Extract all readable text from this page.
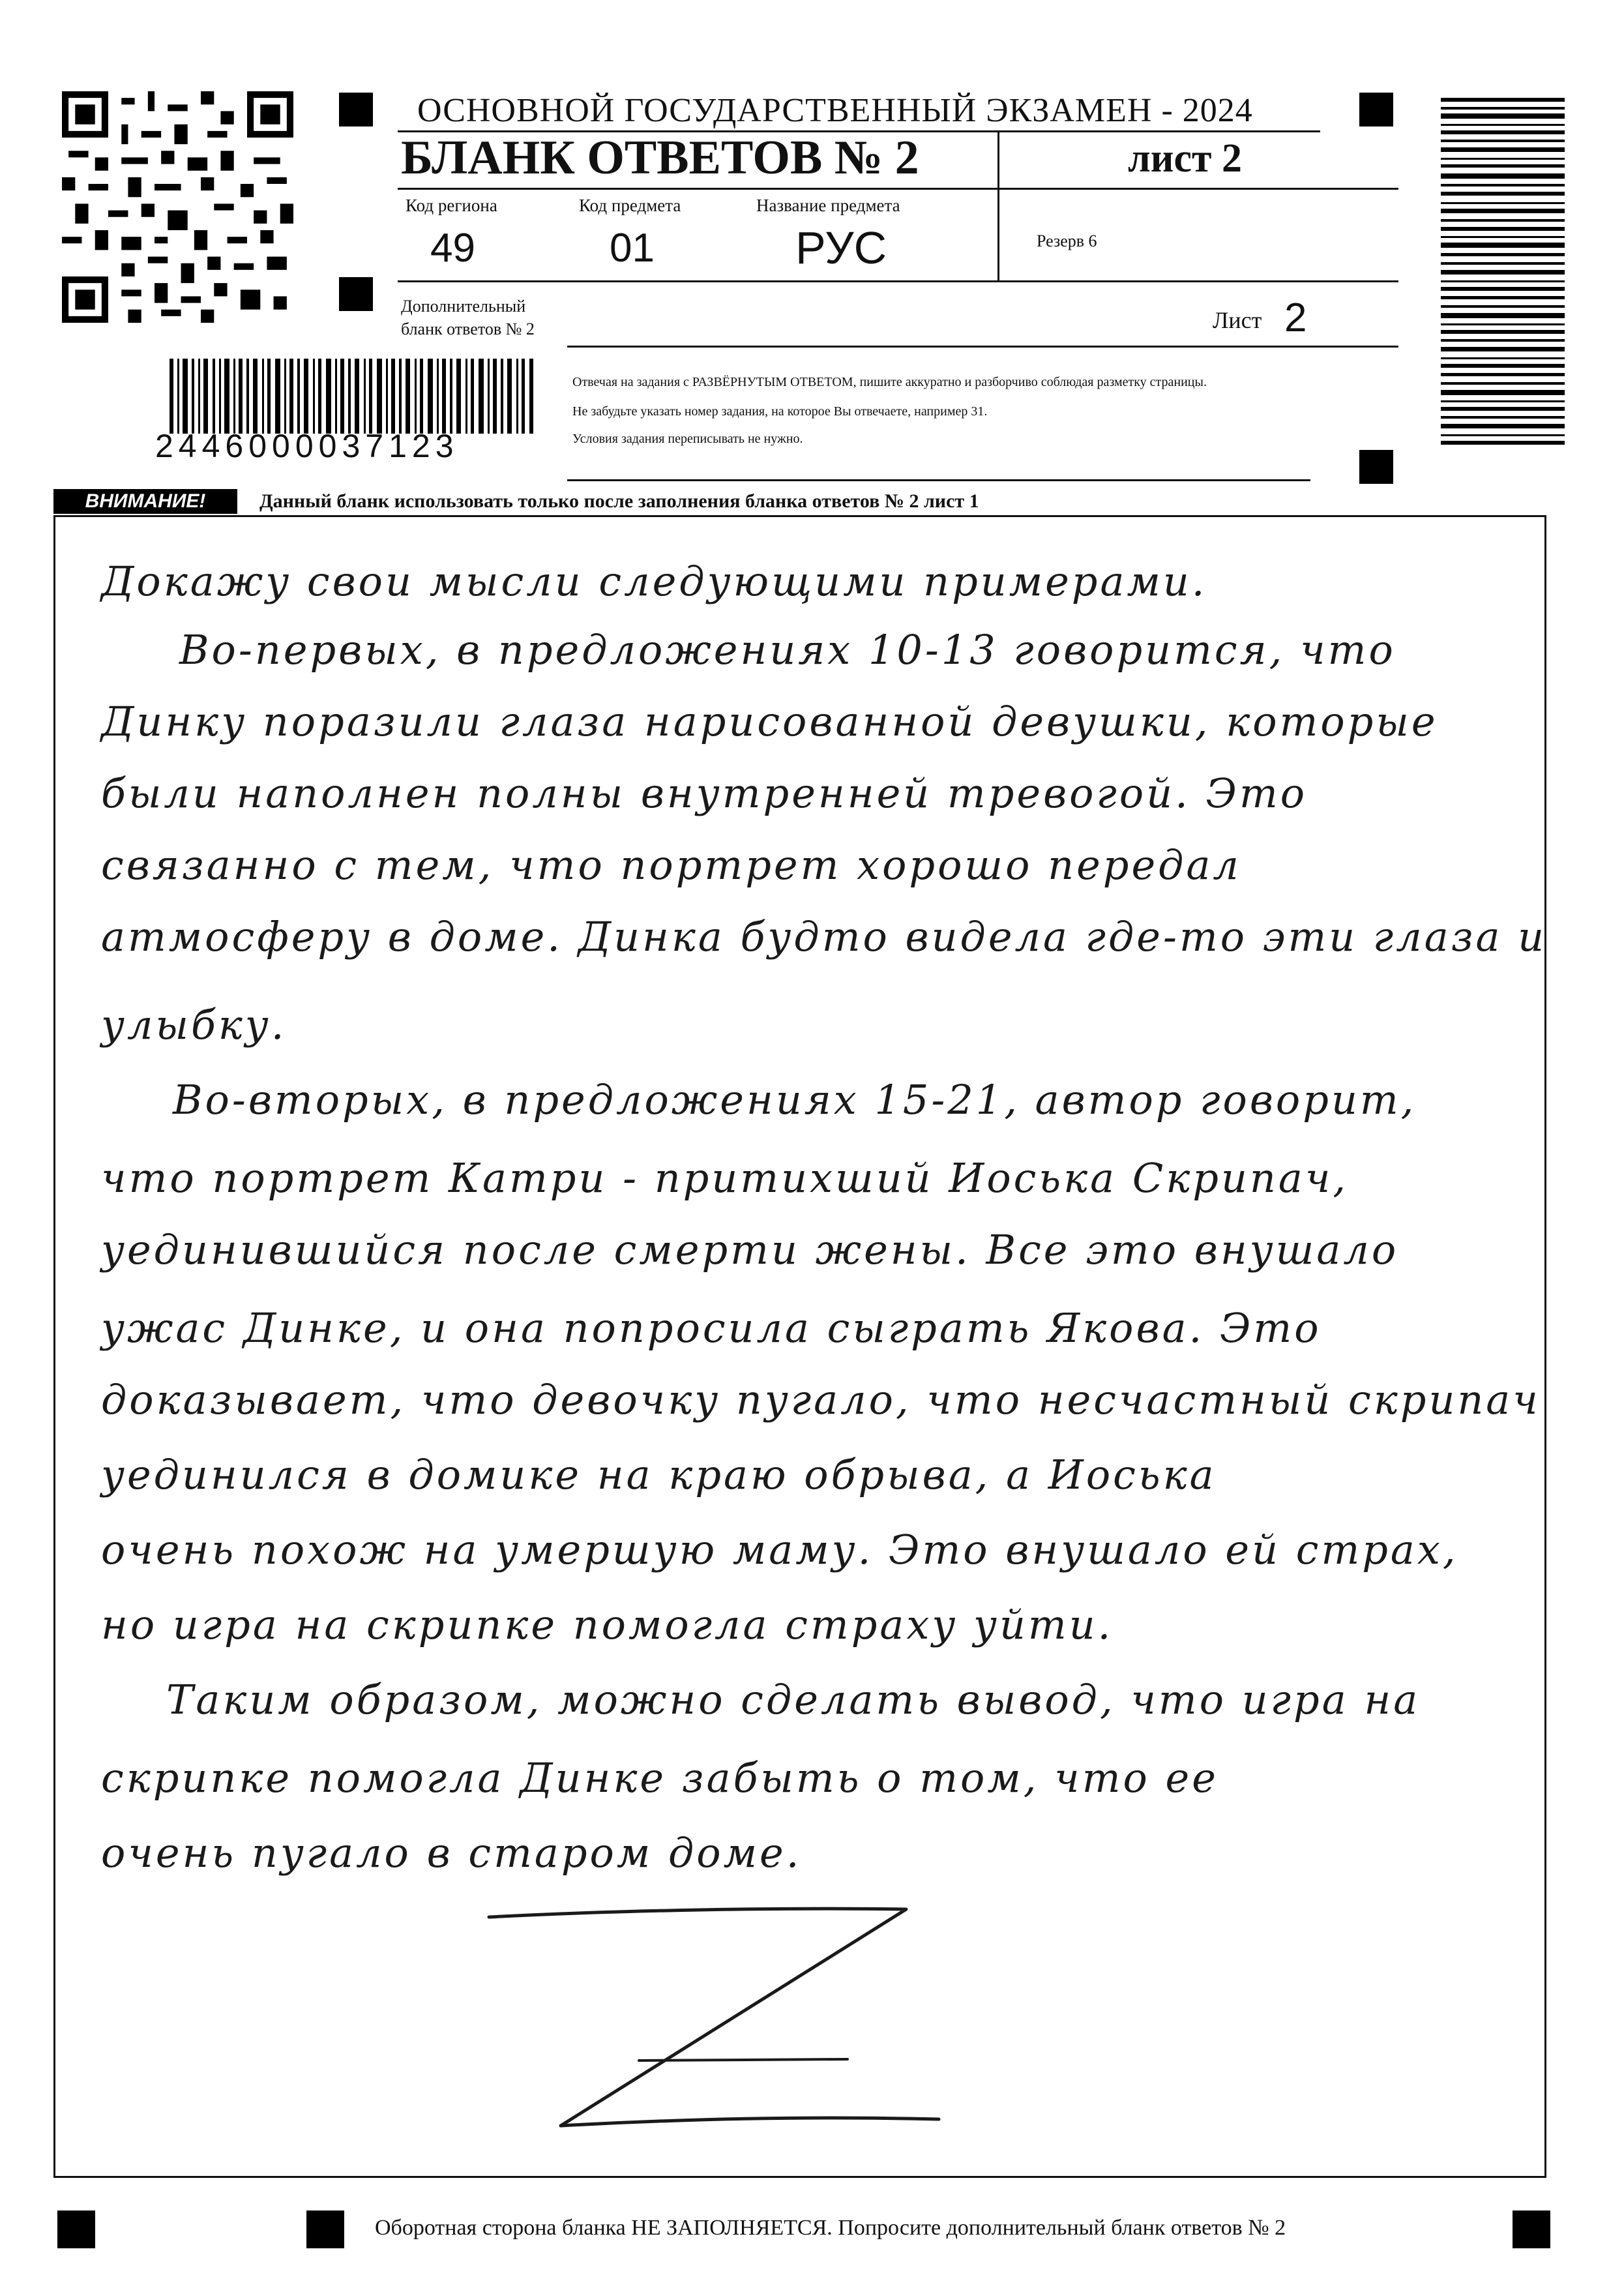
ОСНОВНОЙ ГОСУДАРСТВЕННЫЙ ЭКЗАМЕН - 2024
БЛАНК ОТВЕТОВ № 2	лист 2
Код региона
49
Код предмета
01
Название предмета
РУС	Резерв 6
Дополнительный
бланк ответов № 2	Лист 2
2446000037123
Отвечая на задания с РАЗВЁРНУТЫМ ОТВЕТОМ, пишите аккуратно и разборчиво соблюдая разметку страницы.
Не забудьте указать номер задания, на которое Вы отвечаете, например 31.
Условия задания переписывать не нужно.
ВНИМАНИЕ!	Данный бланк использовать только после заполнения бланка ответов № 2 лист 1
Докажу свои мысли следующими примерами.
Во-первых, в предложениях 10-13 говорится, что
Динку поразили глаза нарисованной девушки, которые
были наполнен полны внутренней тревогой. Это
связанно с тем, что портрет хорошо передал
атмосферу в доме. Динка будто видела где-то эти глаза и
улыбку.
Во-вторых, в предложениях 15-21, автор говорит,
что портрет Катри - притихший Иоська Скрипач,
уединившийся после смерти жены. Все это внушало
ужас Динке, и она попросила сыграть Якова. Это
доказывает, что девочку пугало, что несчастный скрипач
уединился в домике на краю обрыва, а Иоська
очень похож на умершую маму. Это внушало ей страх,
но игра на скрипке помогла страху уйти.
Таким образом, можно сделать вывод, что игра на
скрипке помогла Динке забыть о том, что ее
очень пугало в старом доме.
Оборотная сторона бланка НЕ ЗАПОЛНЯЕТСЯ. Попросите дополнительный бланк ответов № 2
